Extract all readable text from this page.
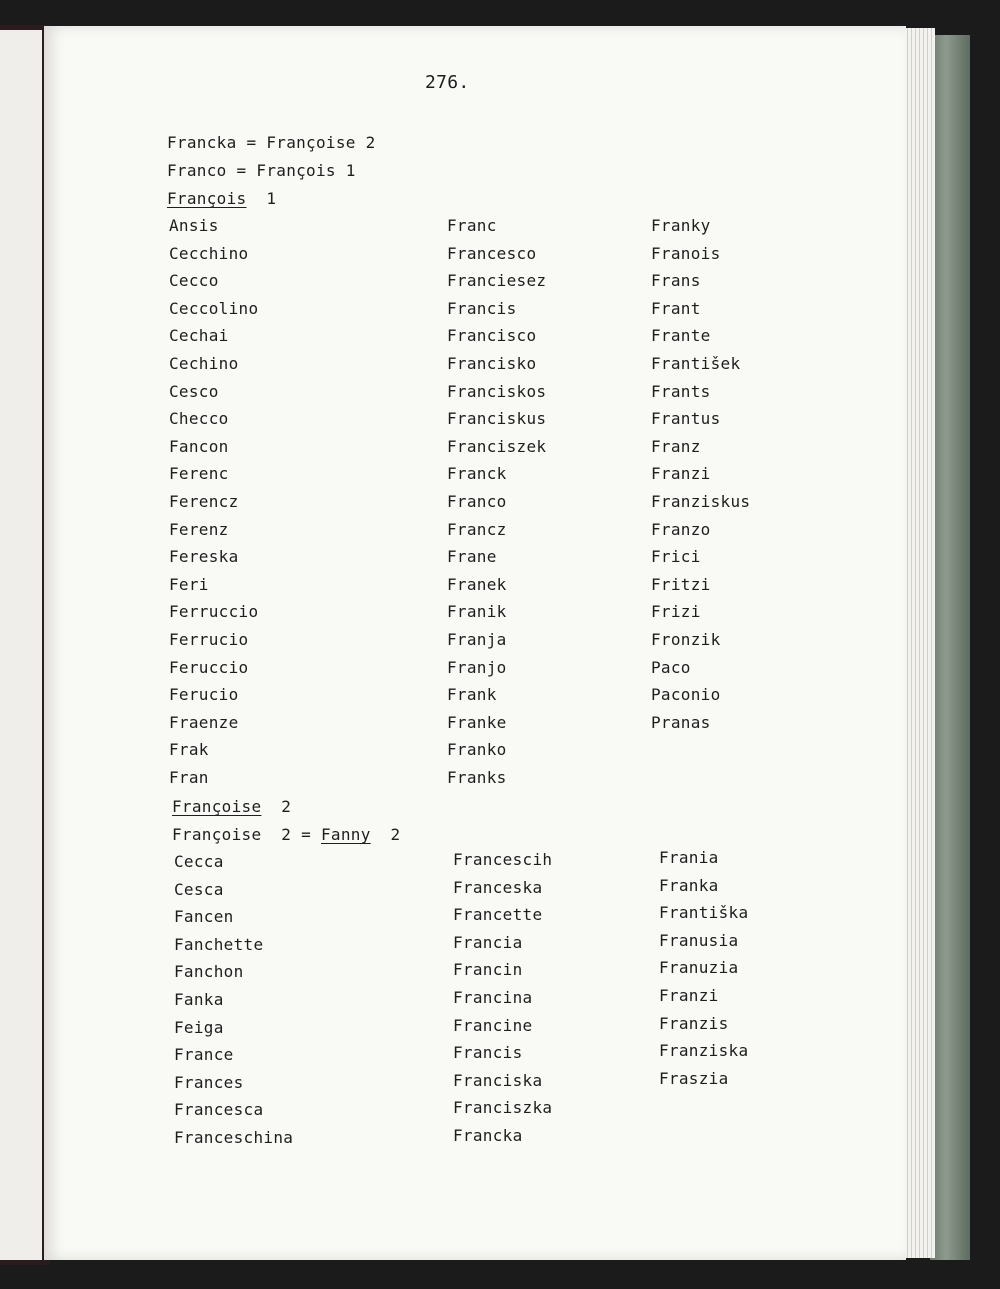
276.
Francka = Françoise 2
Franco = François 1
François 1
Ansis
Cecchino
Cecco
Ceccolino
Cechai
Cechino
Cesco
Checco
Fancon
Ferenc
Ferencz
Ferenz
Fereska
Feri
Ferruccio
Ferrucio
Feruccio
Ferucio
Fraenze
Frak
Fran
Franc
Francesco
Franciesez
Francis
Francisco
Francisko
Franciskos
Franciskus
Franciszek
Franck
Franco
Francz
Frane
Franek
Franik
Franja
Franjo
Frank
Franke
Franko
Franks
Franky
Franois
Frans
Frant
Frante
František
Frants
Frantus
Franz
Franzi
Franziskus
Franzo
Frici
Fritzi
Frizi
Fronzik
Paco
Paconio
Pranas
Françoise 2
Françoise  2 = Fanny 2
Cecca
Cesca
Fancen
Fanchette
Fanchon
Fanka
Feiga
France
Frances
Francesca
Franceschina
Francescih
Franceska
Francette
Francia
Francin
Francina
Francine
Francis
Franciska
Franciszka
Francka
Frania
Franka
Františka
Franusia
Franuzia
Franzi
Franzis
Franziska
Fraszia
